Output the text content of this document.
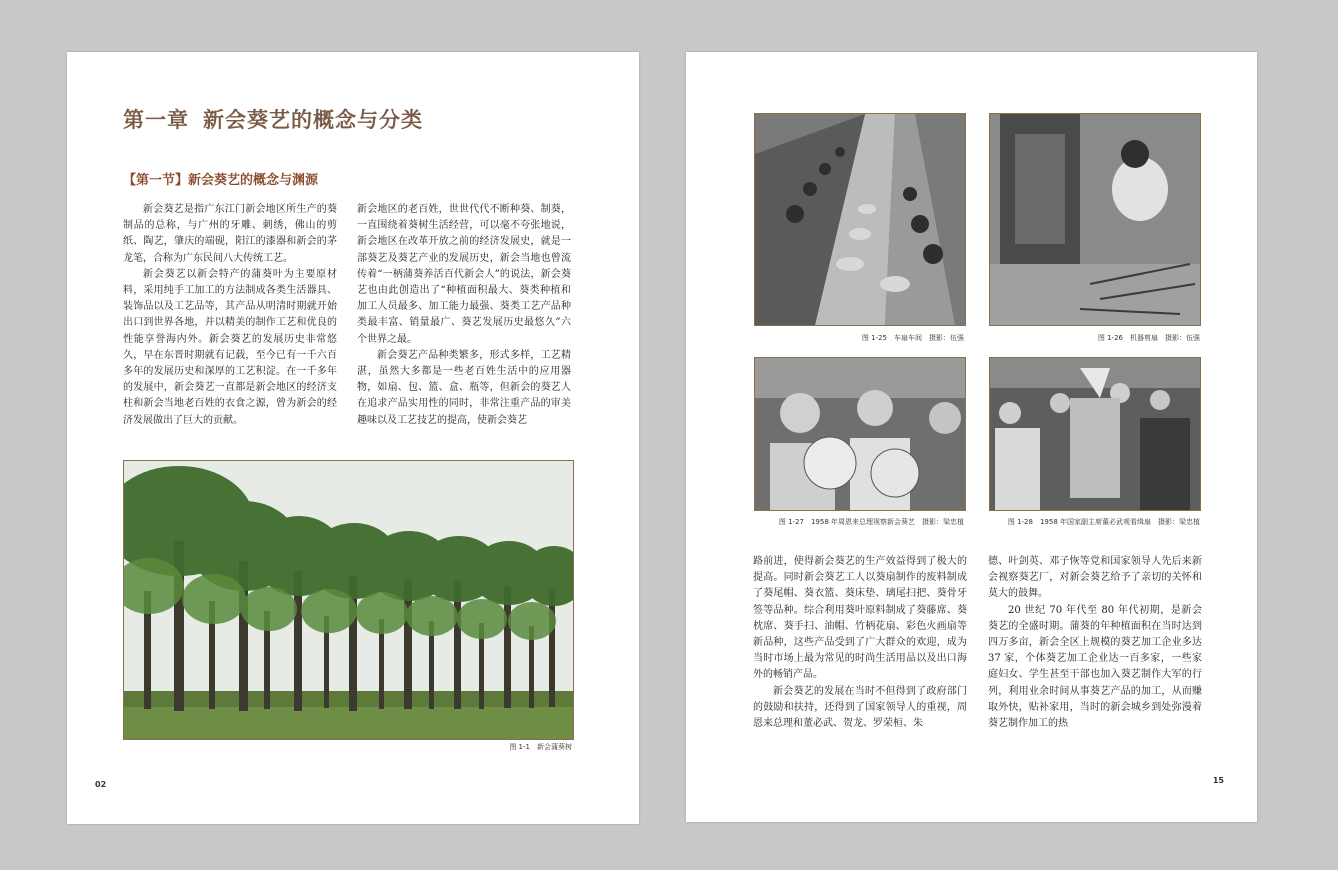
第一章 新会葵艺的概念与分类
【第一节】新会葵艺的概念与渊源

新会葵艺是指广东江门新会地区所生产的葵制品的总称，与广州的牙雕、刺绣，佛山的剪纸、陶艺，肇庆的端砚，阳江的漆器和新会的茅龙笔，合称为广东民间八大传统工艺。

新会葵艺以新会特产的蒲葵叶为主要原材料，采用纯手工加工的方法制成各类生活器具、装饰品以及工艺品等，其产品从明清时期就开始出口到世界各地，并以精美的制作工艺和优良的性能享誉海内外。新会葵艺的发展历史非常悠久，早在东晋时期就有记载，至今已有一千六百多年的发展历史和深厚的工艺积淀。在一千多年的发展中，新会葵艺一直都是新会地区的经济支柱和新会当地老百姓的衣食之源，曾为新会的经济发展做出了巨大的贡献。

新会地区的老百姓，世世代代不断种葵、制葵，一直围绕着葵树生活经营，可以毫不夸张地说，新会地区在改革开放之前的经济发展史，就是一部葵艺及葵艺产业的发展历史，新会当地也曾流传着“一柄蒲葵养活百代新会人”的说法，新会葵艺也由此创造出了“种植面积最大、葵类种植和加工人员最多、加工能力最强、葵类工艺产品种类最丰富、销量最广、葵艺发展历史最悠久”六个世界之最。

新会葵艺产品种类繁多，形式多样，工艺精湛，虽然大多都是一些老百姓生活中的应用器物，如扇、包、篮、盒、瓶等，但新会的葵艺人在追求产品实用性的同时，非常注重产品的审美趣味以及工艺技艺的提高，使新会葵艺

图 1-1　新会蒲葵树
02
图 1-25　车扇车间　摄影：伍强	图 1-26　机器剪扇　摄影：伍强
图 1-27　1958 年周恩来总理视察新会葵艺　摄影：梁忠植	图 1-28　1958 年国家副主席董必武观看缉扇　摄影：梁忠植

路前进，使得新会葵艺的生产效益得到了极大的提高。同时新会葵艺工人以葵扇制作的废料制成了葵尾帽、葵衣篮、葵床垫、璃尾扫把、葵骨牙签等品种。综合利用葵叶原料制成了葵藤席、葵枕席、葵手扫、油帽、竹柄花扇、彩色火画扇等新品种，这些产品受到了广大群众的欢迎，成为当时市场上最为常见的时尚生活用品以及出口海外的畅销产品。

新会葵艺的发展在当时不但得到了政府部门的鼓励和扶持，还得到了国家领导人的重视，周恩来总理和董必武、贺龙、罗荣桓、朱

德、叶剑英、邓子恢等党和国家领导人先后来新会视察葵艺厂，对新会葵艺给予了亲切的关怀和莫大的鼓舞。

20 世纪 70 年代至 80 年代初期，是新会葵艺的全盛时期。蒲葵的年种植面积在当时达到四万多亩，新会全区上规模的葵艺加工企业多达 37 家，个体葵艺加工企业达一百多家，一些家庭妇女、学生甚至干部也加入葵艺制作大军的行列，利用业余时间从事葵艺产品的加工，从而赚取外快，贴补家用，当时的新会城乡到处弥漫着葵艺制作加工的热

15
